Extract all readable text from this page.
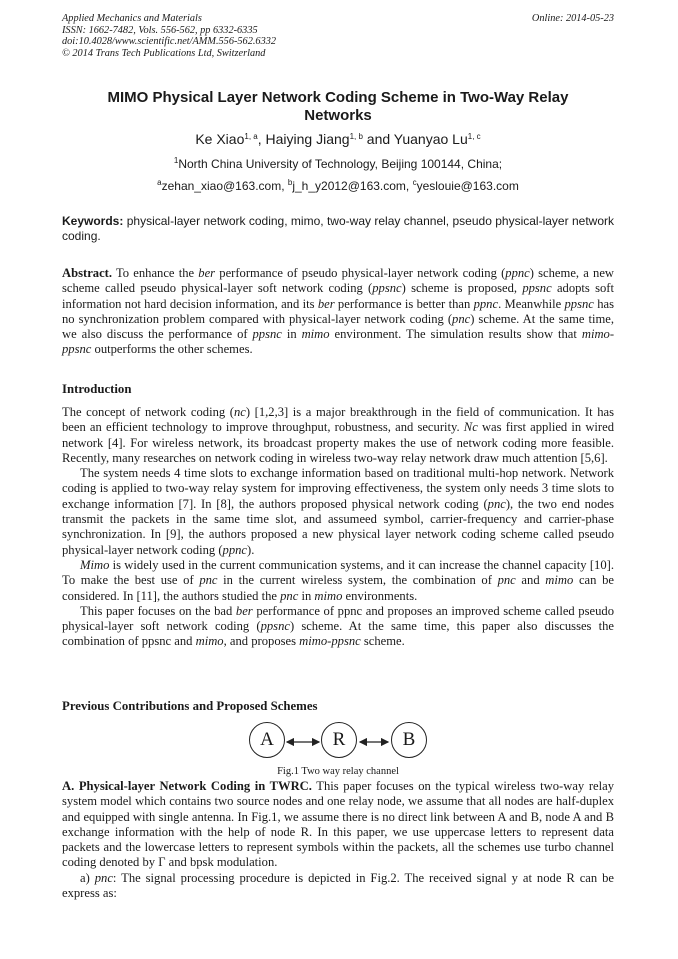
Applied Mechanics and Materials
ISSN: 1662-7482, Vols. 556-562, pp 6332-6335
doi:10.4028/www.scientific.net/AMM.556-562.6332
© 2014 Trans Tech Publications Ltd, Switzerland
Online: 2014-05-23
MIMO Physical Layer Network Coding Scheme in Two-Way Relay
Networks
Ke Xiao$^{1, a}$, Haiying Jiang$^{1, b}$ and Yuanyao Lu$^{1, c}$
$^1$North China University of Technology, Beijing 100144, China;
$^a$zehan_xiao@163.com, $^b$j_h_y2012@163.com, $^c$yeslouie@163.com
Keywords: physical-layer network coding, mimo, two-way relay channel, pseudo physical-layer network coding.

Abstract. To enhance the ber performance of pseudo physical-layer network coding (ppnc) scheme, a new scheme called pseudo physical-layer soft network coding (ppsnc) scheme is proposed, ppsnc adopts soft information not hard decision information, and its ber performance is better than ppnc. Meanwhile ppsnc has no synchronization problem compared with physical-layer network coding (pnc) scheme. At the same time, we also discuss the performance of ppsnc in mimo environment. The simulation results show that mimo-ppsnc outperforms the other schemes.

Introduction

The concept of network coding (nc) [1,2,3] is a major breakthrough in the field of communication. It has been an efficient technology to improve throughput, robustness, and security. Nc was first applied in wired network [4]. For wireless network, its broadcast property makes the use of network coding more feasible. Recently, many researches on network coding in wireless two-way relay network draw much attention [5,6].

The system needs 4 time slots to exchange information based on traditional multi-hop network. Network coding is applied to two-way relay system for improving effectiveness, the system only needs 3 time slots to exchange information [7]. In [8], the authors proposed physical network coding (pnc), the two end nodes transmit the packets in the same time slot, and assumeed symbol, carrier-frequency and carrier-phase synchronization. In [9], the authors proposed a new physical layer network coding scheme called pseudo physical-layer network coding (ppnc).

Mimo is widely used in the current communication systems, and it can increase the channel capacity [10]. To make the best use of pnc in the current wireless system, the combination of pnc and mimo can be considered. In [11], the authors studied the pnc in mimo environments.

This paper focuses on the bad ber performance of ppnc and proposes an improved scheme called pseudo physical-layer soft network coding (ppsnc) scheme. At the same time, this paper also discusses the combination of ppsnc and mimo, and proposes mimo-ppsnc scheme.

Previous Contributions and Proposed Schemes
A	R	B
Fig.1 Two way relay channel

A. Physical-layer Network Coding in TWRC. This paper focuses on the typical wireless two-way relay system model which contains two source nodes and one relay node, we assume that all nodes are half-duplex and equipped with single antenna. In Fig.1, we assume there is no direct link between A and B, node A and B exchange information with the help of node R. In this paper, we use uppercase letters to represent data packets and the lowercase letters to represent symbols within the packets, all the schemes use turbo channel coding denoted by Γ and bpsk modulation.

a) pnc: The signal processing procedure is depicted in Fig.2. The received signal y at node R can be express as:
